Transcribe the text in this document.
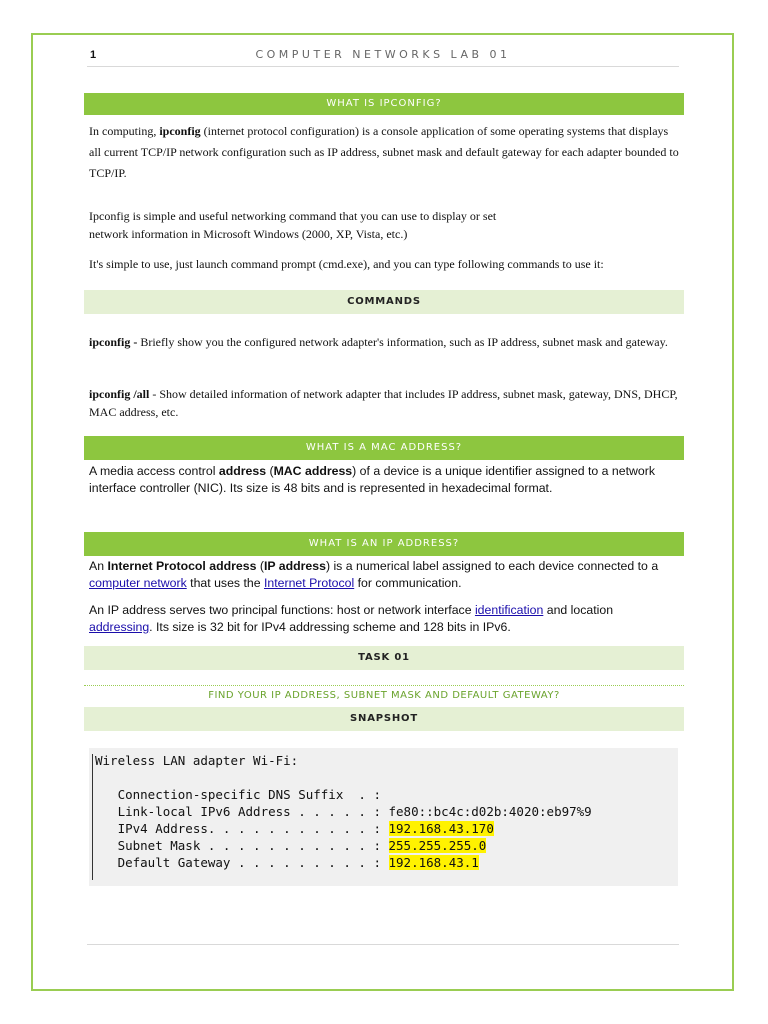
1	COMPUTER NETWORKS LAB 01
WHAT IS IPCONFIG?
In computing, ipconfig (internet protocol configuration) is a console application of some operating systems that displays all current TCP/IP network configuration such as IP address, subnet mask and default gateway for each adapter bounded to TCP/IP.
Ipconfig is simple and useful networking command that you can use to display or set network information in Microsoft Windows (2000, XP, Vista, etc.)
It's simple to use, just launch command prompt (cmd.exe), and you can type following commands to use it:
COMMANDS
ipconfig - Briefly show you the configured network adapter's information, such as IP address, subnet mask and gateway.
ipconfig /all - Show detailed information of network adapter that includes IP address, subnet mask, gateway, DNS, DHCP, MAC address, etc.
WHAT IS A MAC ADDRESS?
A media access control address (MAC address) of a device is a unique identifier assigned to a network interface controller (NIC). Its size is 48 bits and is represented in hexadecimal format.
WHAT IS AN IP ADDRESS?
An Internet Protocol address (IP address) is a numerical label assigned to each device connected to a computer network that uses the Internet Protocol for communication.
An IP address serves two principal functions: host or network interface identification and location addressing. Its size is 32 bit for IPv4 addressing scheme and 128 bits in IPv6.
TASK 01
FIND YOUR IP ADDRESS, SUBNET MASK AND DEFAULT GATEWAY?
SNAPSHOT
Wireless LAN adapter Wi-Fi:

Connection-specific DNS Suffix  . :
Link-local IPv6 Address . . . . . : fe80::bc4c:d02b:4020:eb97%9
IPv4 Address. . . . . . . . . . . : 192.168.43.170
Subnet Mask . . . . . . . . . . . : 255.255.255.0
Default Gateway . . . . . . . . . : 192.168.43.1
